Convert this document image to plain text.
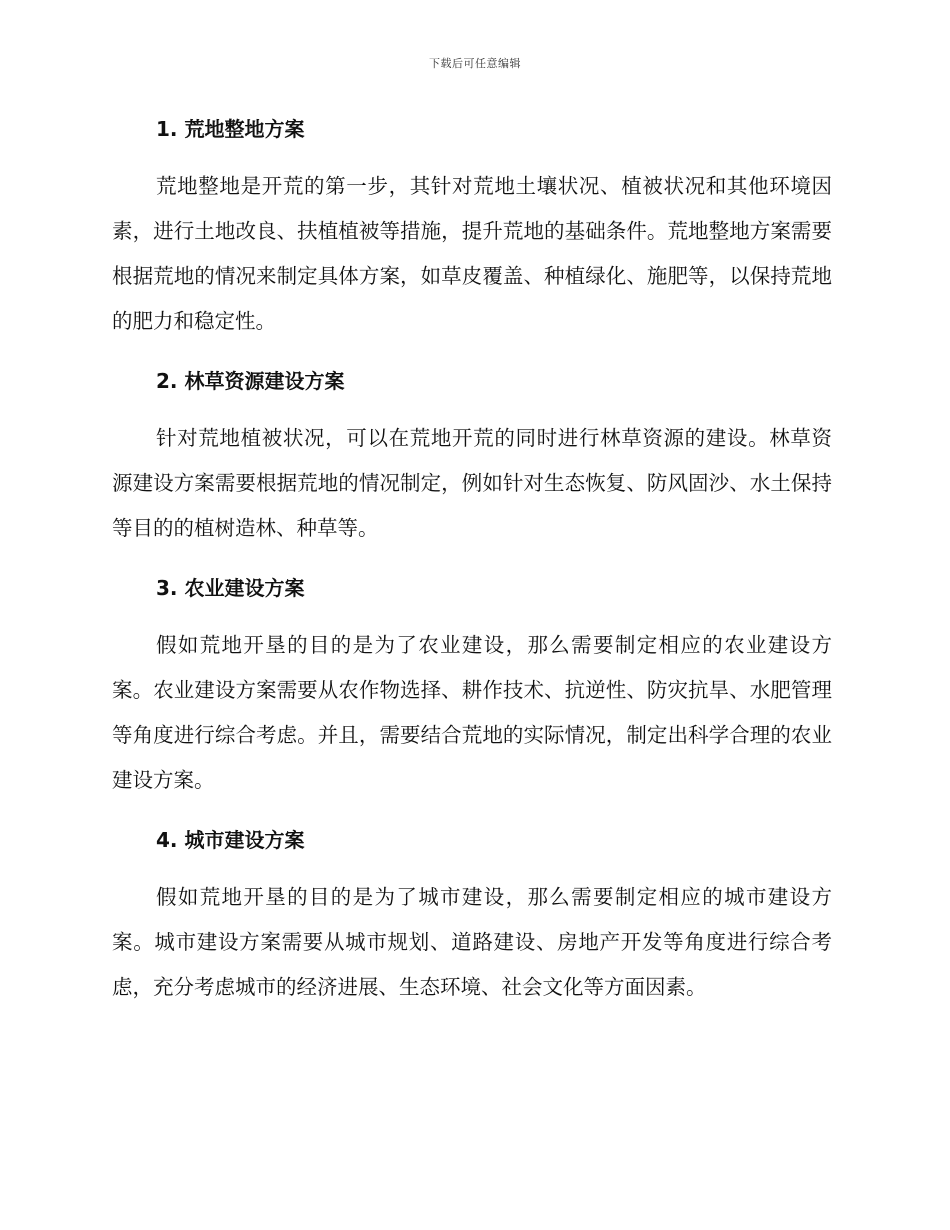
下载后可任意编辑
1. 荒地整地方案

荒地整地是开荒的第一步，其针对荒地土壤状况、植被状况和其他环境因素，进行土地改良、扶植植被等措施，提升荒地的基础条件。荒地整地方案需要根据荒地的情况来制定具体方案，如草皮覆盖、种植绿化、施肥等，以保持荒地的肥力和稳定性。

2. 林草资源建设方案

针对荒地植被状况，可以在荒地开荒的同时进行林草资源的建设。林草资源建设方案需要根据荒地的情况制定，例如针对生态恢复、防风固沙、水土保持等目的的植树造林、种草等。

3. 农业建设方案

假如荒地开垦的目的是为了农业建设，那么需要制定相应的农业建设方案。农业建设方案需要从农作物选择、耕作技术、抗逆性、防灾抗旱、水肥管理等角度进行综合考虑。并且，需要结合荒地的实际情况，制定出科学合理的农业建设方案。

4. 城市建设方案

假如荒地开垦的目的是为了城市建设，那么需要制定相应的城市建设方案。城市建设方案需要从城市规划、道路建设、房地产开发等角度进行综合考虑，充分考虑城市的经济进展、生态环境、社会文化等方面因素。
